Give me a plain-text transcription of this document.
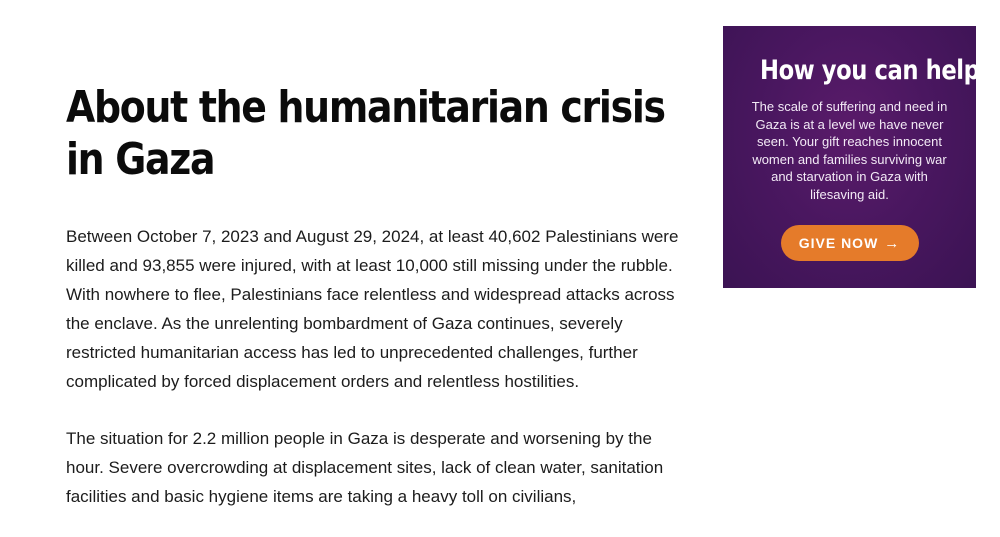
About the humanitarian crisis in Gaza

Between October 7, 2023 and August 29, 2024, at least 40,602 Palestinians were killed and 93,855 were injured, with at least 10,000 still missing under the rubble. With nowhere to flee, Palestinians face relentless and widespread attacks across the enclave. As the unrelenting bombardment of Gaza continues, severely restricted humanitarian access has led to unprecedented challenges, further complicated by forced displacement orders and relentless hostilities.

The situation for 2.2 million people in Gaza is desperate and worsening by the hour. Severe overcrowding at displacement sites, lack of clean water, sanitation facilities and basic hygiene items are taking a heavy toll on civilians,

How you can help

The scale of suffering and need in Gaza is at a level we have never seen. Your gift reaches innocent women and families surviving war and starvation in Gaza with lifesaving aid.

GIVE NOW →
